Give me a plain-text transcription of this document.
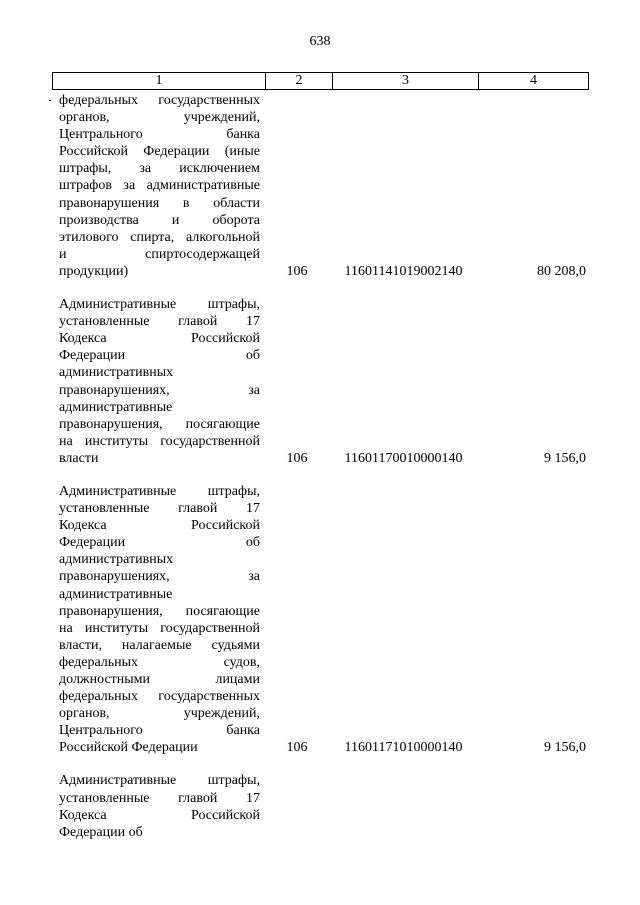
638
1	2	3	4
федеральных государственных
органов, учреждений,
Центрального банка
Российской Федерации (иные
штрафы, за исключением
штрафов за административные
правонарушения в области
производства и оборота
этилового спирта, алкогольной
и спиртосодержащей
продукции)	106	11601141019002140	80 208,0
Административные штрафы,
установленные главой 17
Кодекса Российской
Федерации об
административных
правонарушениях, за
административные
правонарушения, посягающие
на институты государственной
власти	106	11601170010000140	9 156,0
Административные штрафы,
установленные главой 17
Кодекса Российской
Федерации об
административных
правонарушениях, за
административные
правонарушения, посягающие
на институты государственной
власти, налагаемые судьями
федеральных судов,
должностными лицами
федеральных государственных
органов, учреждений,
Центрального банка
Российской Федерации	106	11601171010000140	9 156,0
Административные штрафы,
установленные главой 17
Кодекса Российской
Федерации об
